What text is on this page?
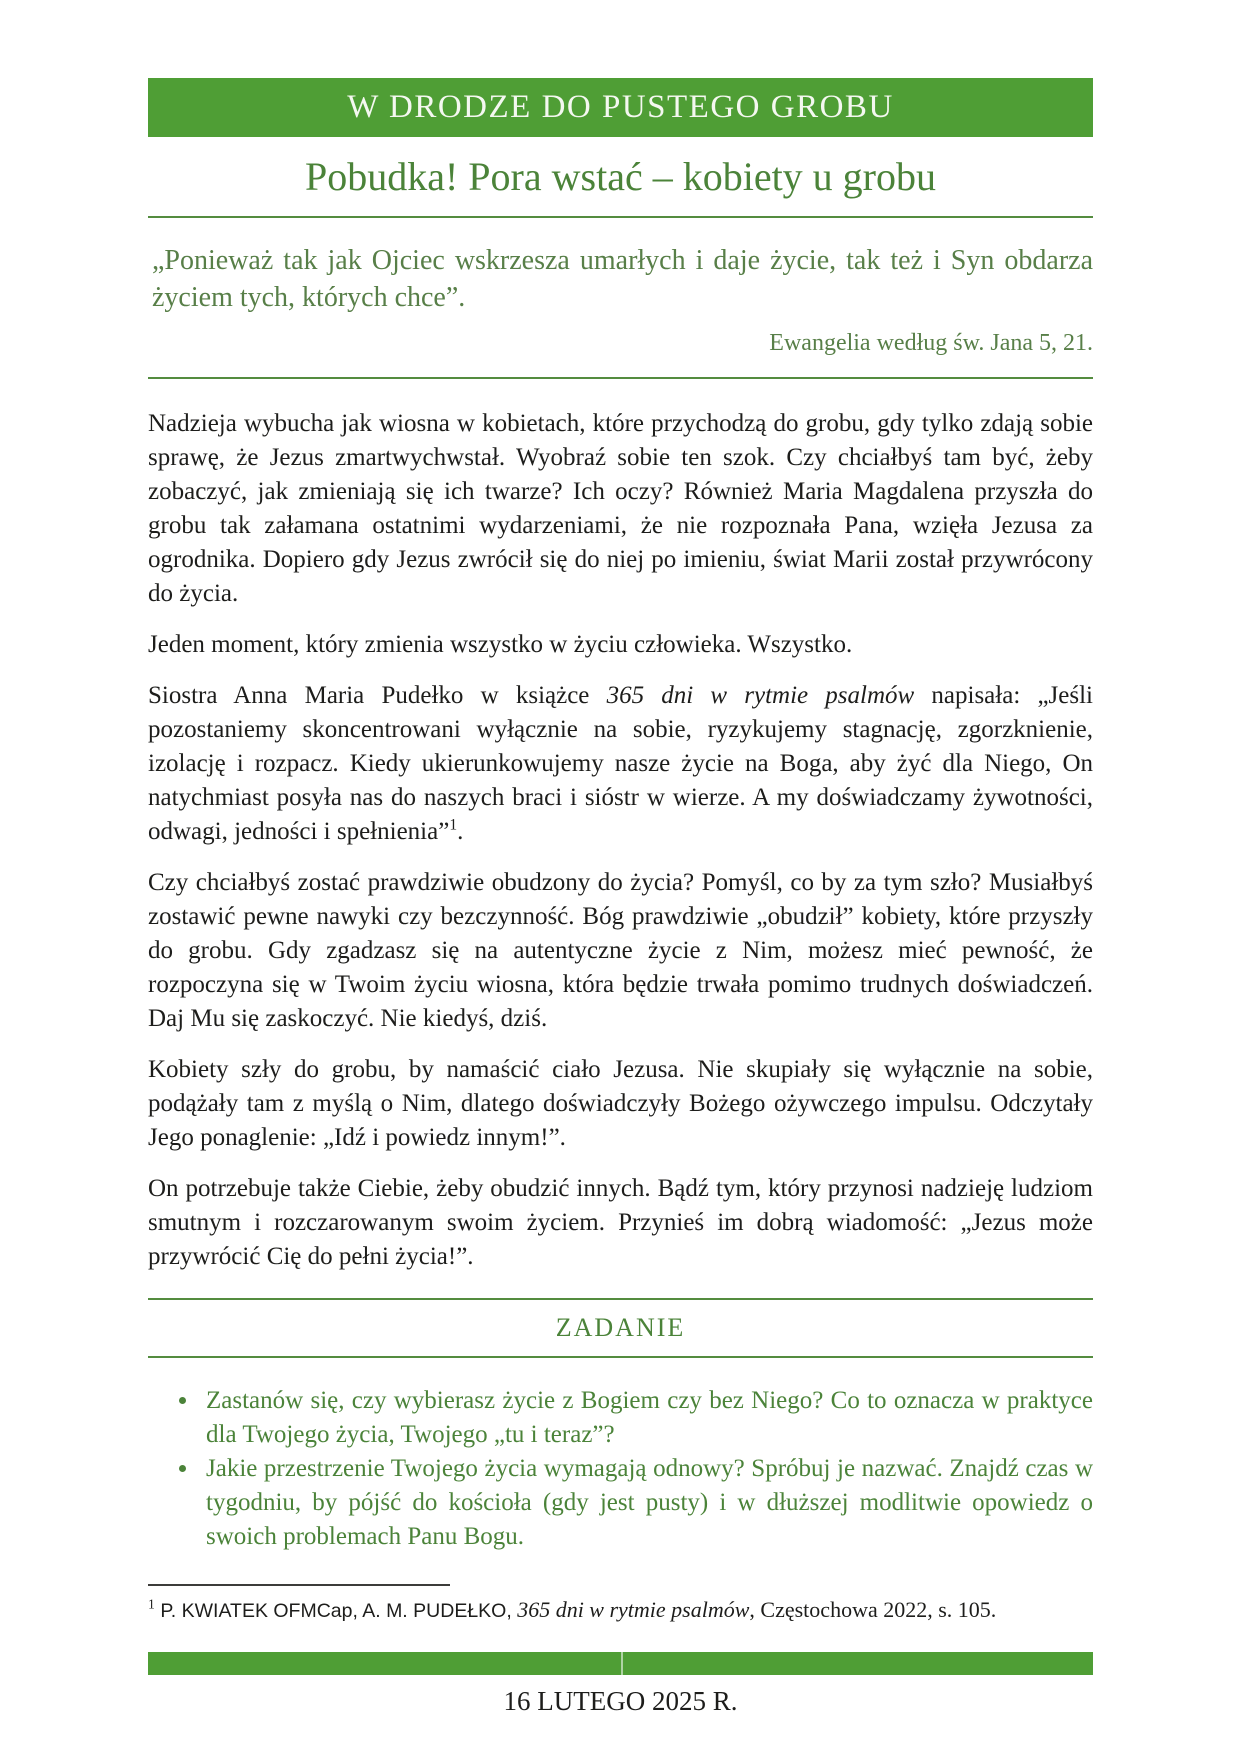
W DRODZE DO PUSTEGO GROBU
Pobudka! Pora wstać – kobiety u grobu

„Ponieważ tak jak Ojciec wskrzesza umarłych i daje życie, tak też i Syn obdarza życiem tych, których chce”.

Ewangelia według św. Jana 5, 21.

Nadzieja wybucha jak wiosna w kobietach, które przychodzą do grobu, gdy tylko zdają sobie sprawę, że Jezus zmartwychwstał. Wyobraź sobie ten szok. Czy chciałbyś tam być, żeby zobaczyć, jak zmieniają się ich twarze? Ich oczy? Również Maria Magdalena przyszła do grobu tak załamana ostatnimi wydarzeniami, że nie rozpoznała Pana, wzięła Jezusa za ogrodnika. Dopiero gdy Jezus zwrócił się do niej po imieniu, świat Marii został przywrócony do życia.

Jeden moment, który zmienia wszystko w życiu człowieka. Wszystko.

Siostra Anna Maria Pudełko w książce 365 dni w rytmie psalmów napisała: „Jeśli pozostaniemy skoncentrowani wyłącznie na sobie, ryzykujemy stagnację, zgorzknienie, izolację i rozpacz. Kiedy ukierunkowujemy nasze życie na Boga, aby żyć dla Niego, On natychmiast posyła nas do naszych braci i sióstr w wierze. A my doświadczamy żywotności, odwagi, jedności i spełnienia”$^1$.

Czy chciałbyś zostać prawdziwie obudzony do życia? Pomyśl, co by za tym szło? Musiałbyś zostawić pewne nawyki czy bezczynność. Bóg prawdziwie „obudził” kobiety, które przyszły do grobu. Gdy zgadzasz się na autentyczne życie z Nim, możesz mieć pewność, że rozpoczyna się w Twoim życiu wiosna, która będzie trwała pomimo trudnych doświadczeń. Daj Mu się zaskoczyć. Nie kiedyś, dziś.

Kobiety szły do grobu, by namaścić ciało Jezusa. Nie skupiały się wyłącznie na sobie, podążały tam z myślą o Nim, dlatego doświadczyły Bożego ożywczego impulsu. Odczytały Jego ponaglenie: „Idź i powiedz innym!”.

On potrzebuje także Ciebie, żeby obudzić innych. Bądź tym, który przynosi nadzieję ludziom smutnym i rozczarowanym swoim życiem. Przynieś im dobrą wiadomość: „Jezus może przywrócić Cię do pełni życia!”.

ZADANIE
• Zastanów się, czy wybierasz życie z Bogiem czy bez Niego? Co to oznacza w praktyce dla Twojego życia, Twojego „tu i teraz”?
• Jakie przestrzenie Twojego życia wymagają odnowy? Spróbuj je nazwać. Znajdź czas w tygodniu, by pójść do kościoła (gdy jest pusty) i w dłuższej modlitwie opowiedz o swoich problemach Panu Bogu.

$^1$ P. KWIATEK OFMCap, A. M. PUDEŁKO, 365 dni w rytmie psalmów, Częstochowa 2022, s. 105.

16 LUTEGO 2025 R.
